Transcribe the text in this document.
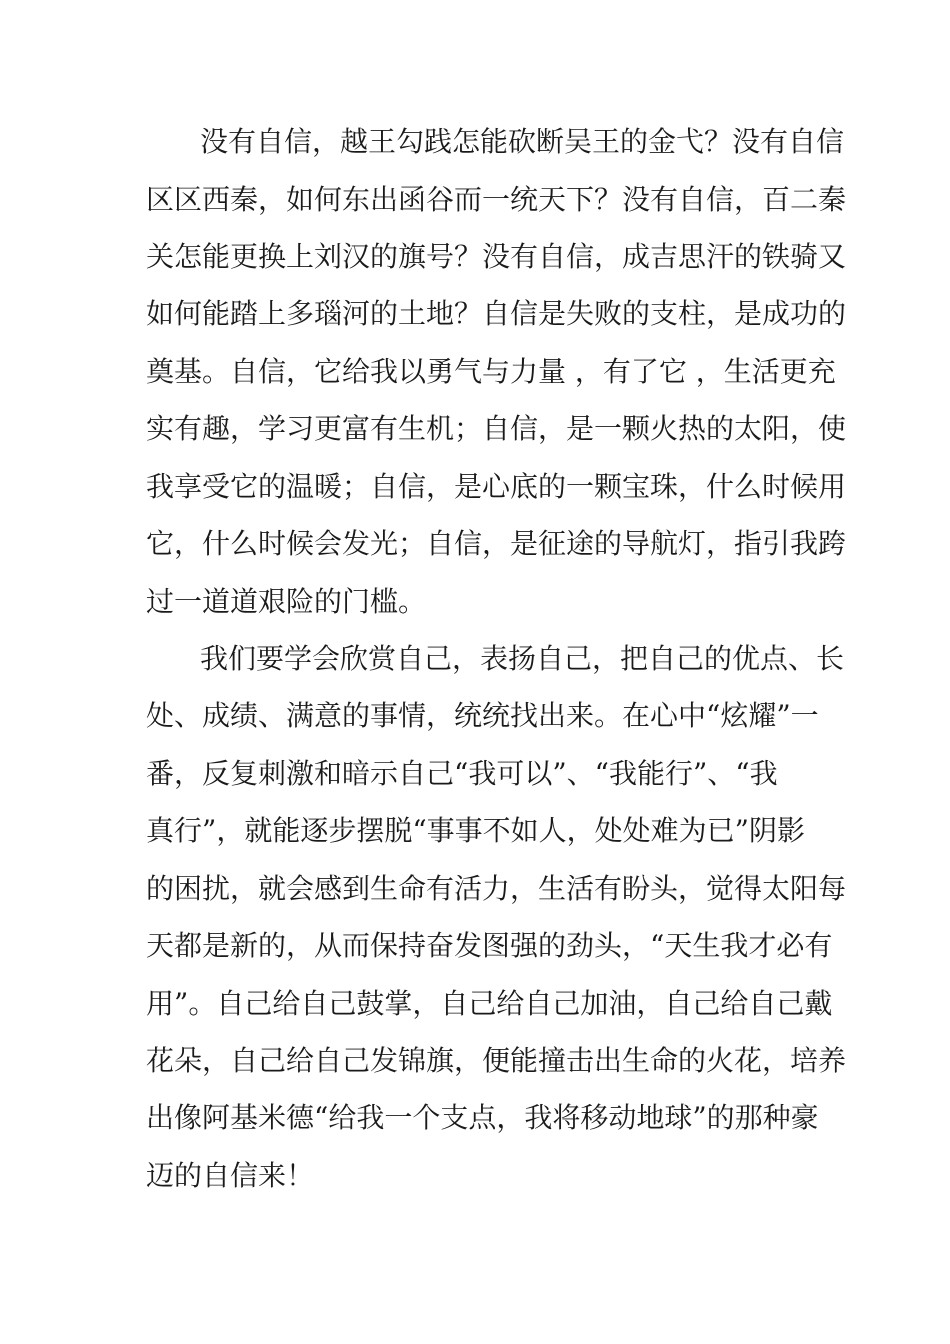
没有自信，越王勾践怎能砍断吴王的金弋？没有自信
区区西秦，如何东出函谷而一统天下？没有自信，百二秦
关怎能更换上刘汉的旗号？没有自信，成吉思汗的铁骑又
如何能踏上多瑙河的土地？自信是失败的支柱，是成功的
奠基。自信，它给我以勇气与力量 ，有了它 ，生活更充
实有趣，学习更富有生机；自信，是一颗火热的太阳，使
我享受它的温暖；自信，是心底的一颗宝珠，什么时候用
它，什么时候会发光；自信，是征途的导航灯，指引我跨
过一道道艰险的门槛。
我们要学会欣赏自己，表扬自己，把自己的优点、长
处、成绩、满意的事情，统统找出来。在心中“炫耀”一
番，反复刺激和暗示自己“我可以”、“我能行”、“我
真行”，就能逐步摆脱“事事不如人，处处难为已”阴影
的困扰，就会感到生命有活力，生活有盼头，觉得太阳每
天都是新的，从而保持奋发图强的劲头，“天生我才必有
用”。自己给自己鼓掌，自己给自己加油，自己给自己戴
花朵，自己给自己发锦旗，便能撞击出生命的火花，培养
出像阿基米德“给我一个支点，我将移动地球”的那种豪
迈的自信来！
